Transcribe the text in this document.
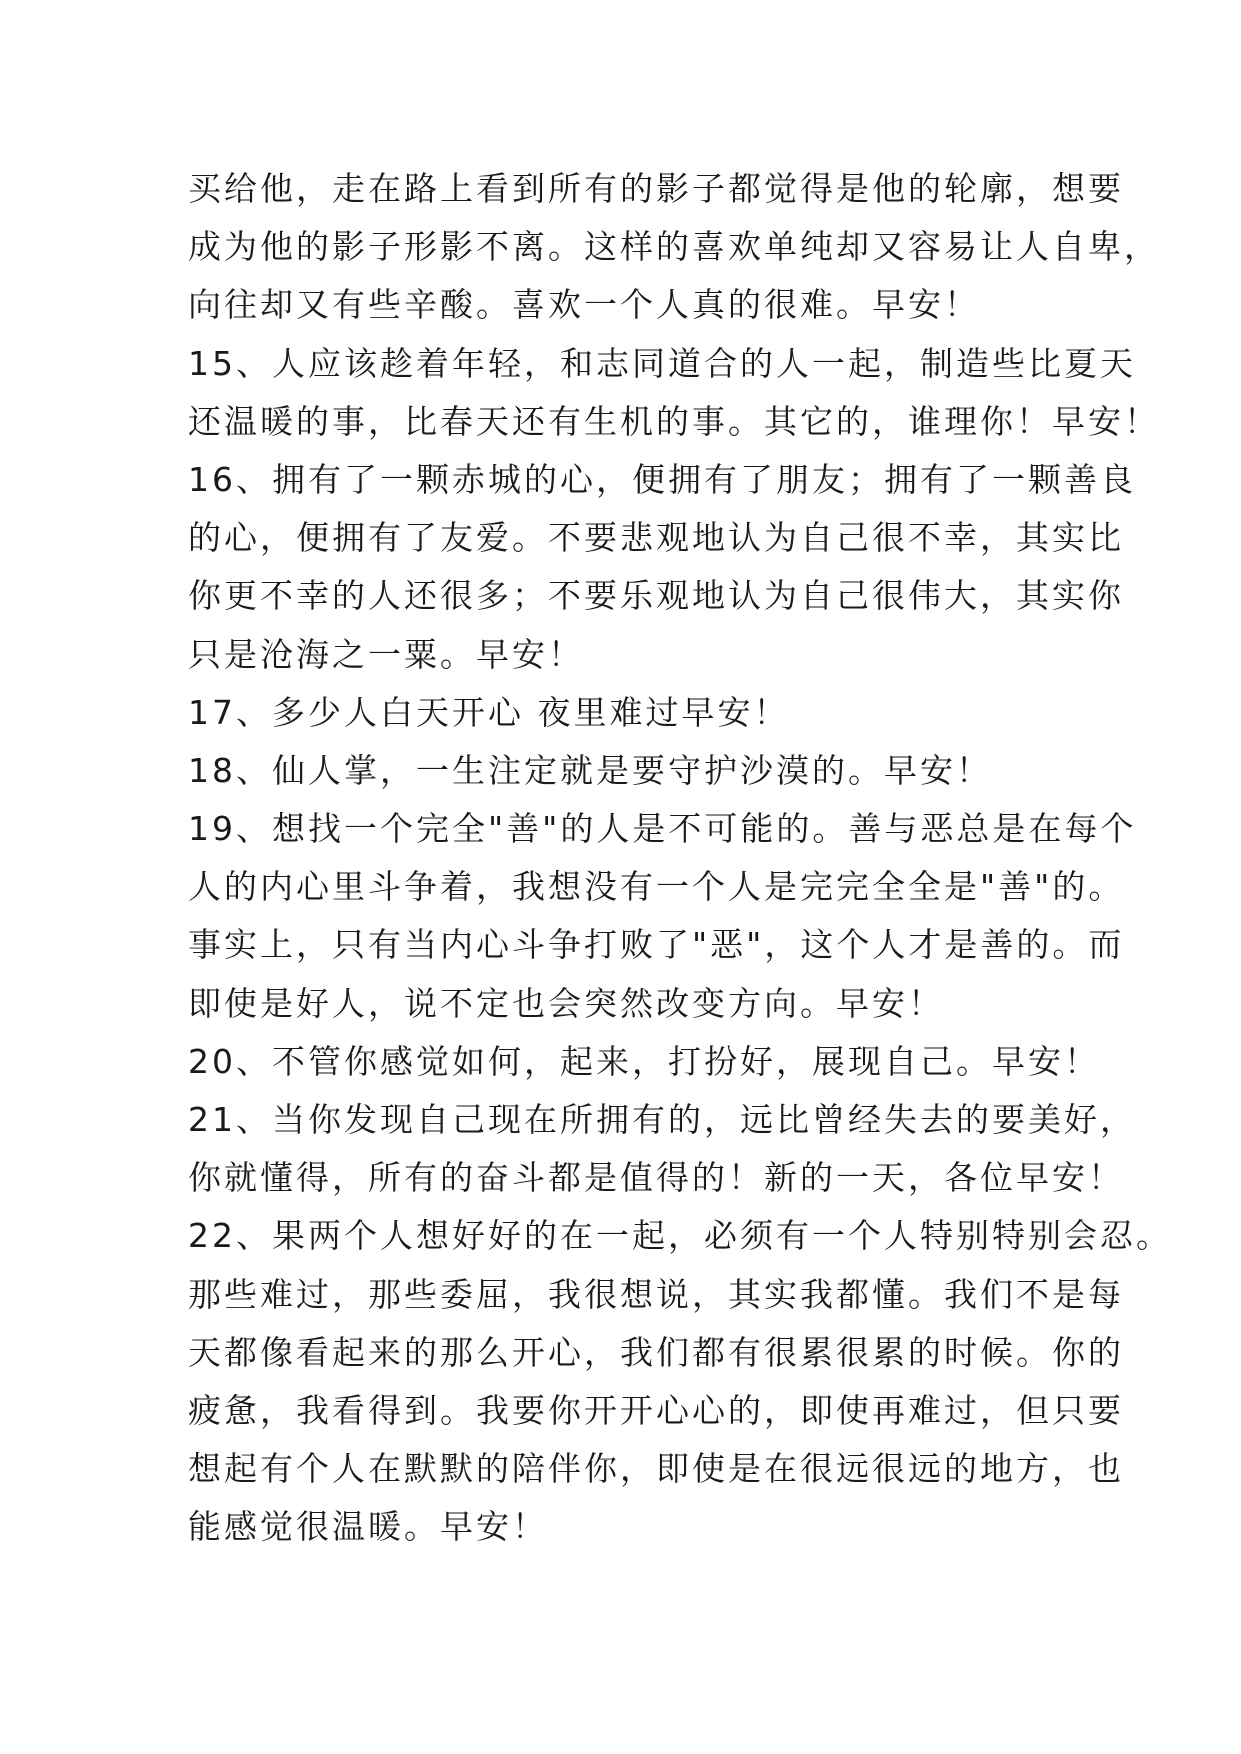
买给他，走在路上看到所有的影子都觉得是他的轮廓，想要
成为他的影子形影不离。这样的喜欢单纯却又容易让人自卑，
向往却又有些辛酸。喜欢一个人真的很难。早安！
15、人应该趁着年轻，和志同道合的人一起，制造些比夏天
还温暖的事，比春天还有生机的事。其它的，谁理你！早安！
16、拥有了一颗赤城的心，便拥有了朋友；拥有了一颗善良
的心，便拥有了友爱。不要悲观地认为自己很不幸，其实比
你更不幸的人还很多；不要乐观地认为自己很伟大，其实你
只是沧海之一粟。早安！
17、多少人白天开心 夜里难过早安！
18、仙人掌，一生注定就是要守护沙漠的。早安！
19、想找一个完全"善"的人是不可能的。善与恶总是在每个
人的内心里斗争着，我想没有一个人是完完全全是"善"的。
事实上，只有当内心斗争打败了"恶"，这个人才是善的。而
即使是好人，说不定也会突然改变方向。早安！
20、不管你感觉如何，起来，打扮好，展现自己。早安！
21、当你发现自己现在所拥有的，远比曾经失去的要美好，
你就懂得，所有的奋斗都是值得的！新的一天，各位早安！
22、果两个人想好好的在一起，必须有一个人特别特别会忍。
那些难过，那些委屈，我很想说，其实我都懂。我们不是每
天都像看起来的那么开心，我们都有很累很累的时候。你的
疲惫，我看得到。我要你开开心心的，即使再难过，但只要
想起有个人在默默的陪伴你，即使是在很远很远的地方，也
能感觉很温暖。早安！
